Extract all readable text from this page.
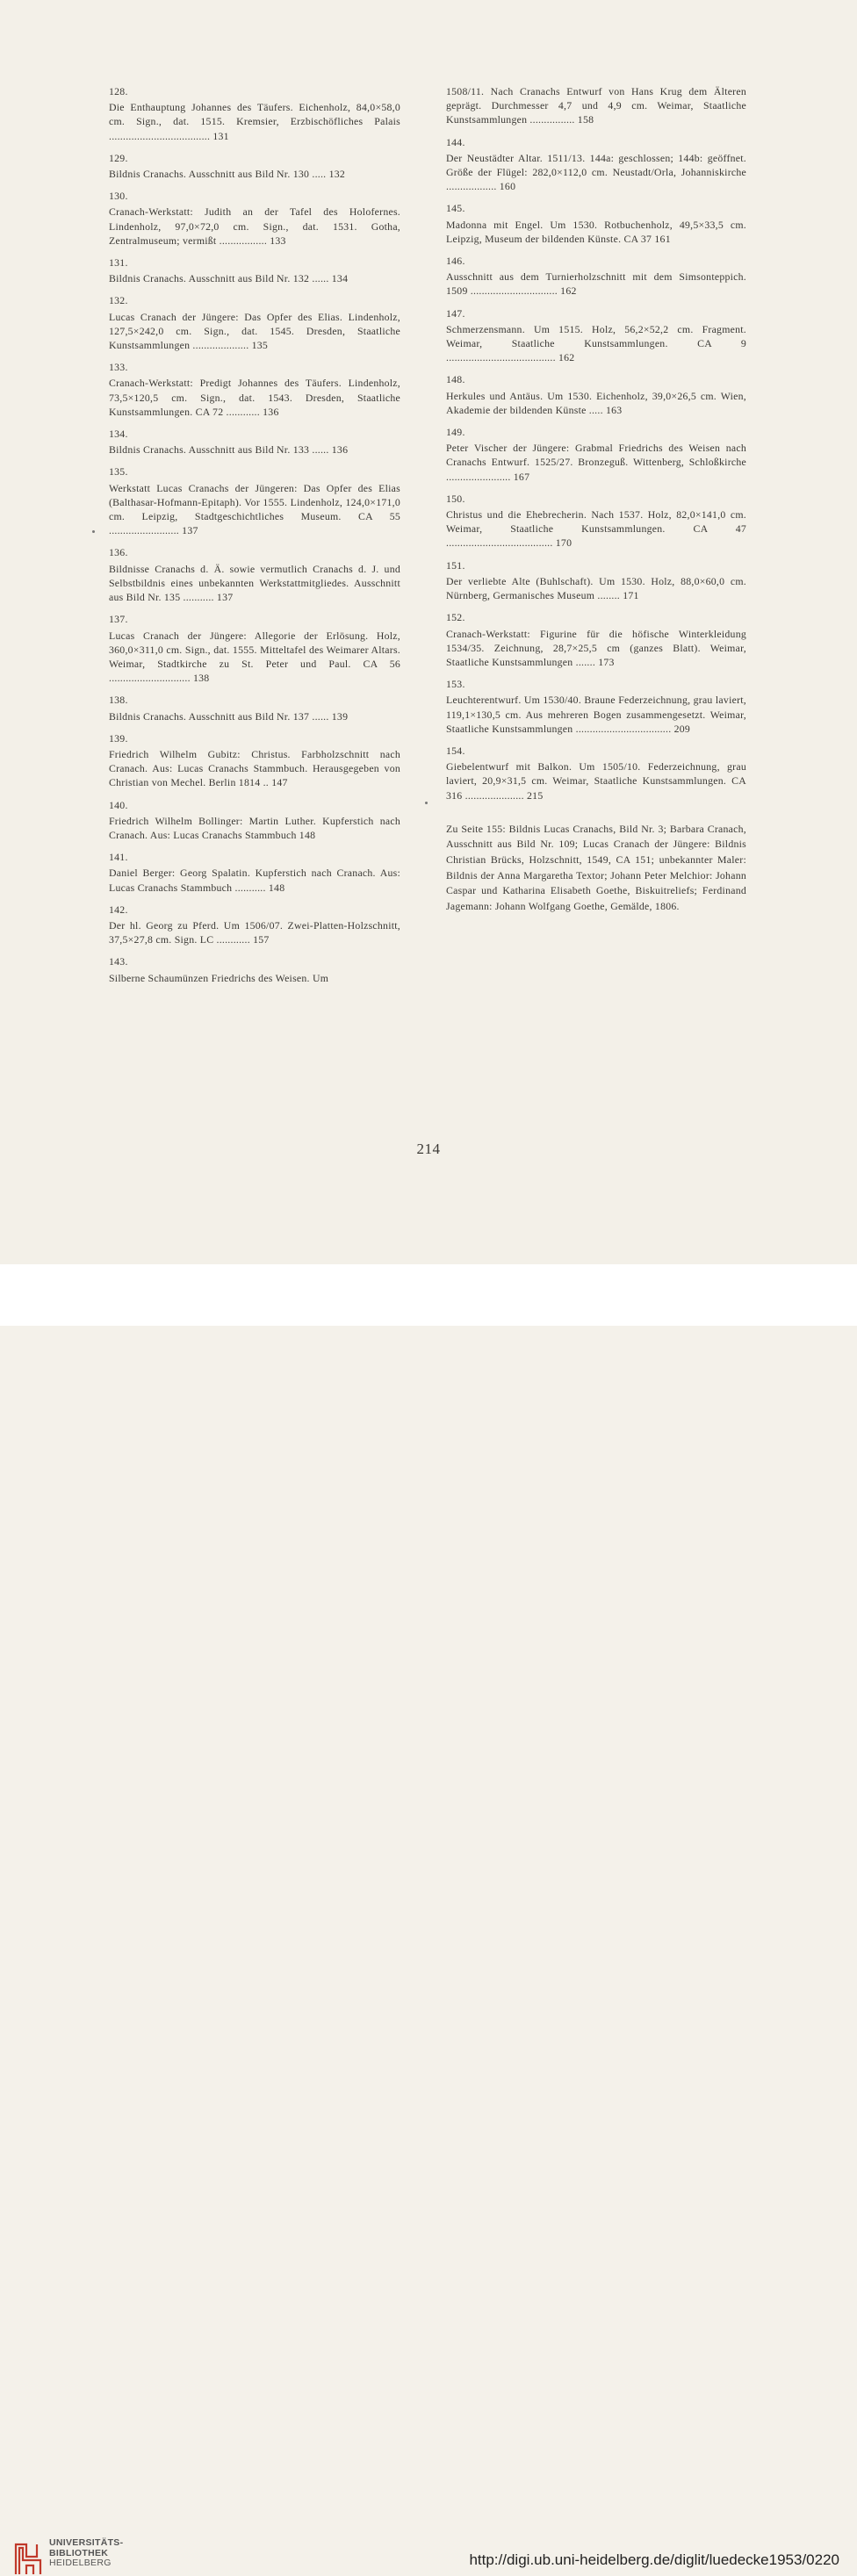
128.
Die Enthauptung Johannes des Täufers. Eichenholz, 84,0×58,0 cm. Sign., dat. 1515. Kremsier, Erzbischöfliches Palais .................................... 131
129.
Bildnis Cranachs. Ausschnitt aus Bild Nr. 130 ..... 132
130.
Cranach-Werkstatt: Judith an der Tafel des Holofernes. Lindenholz, 97,0×72,0 cm. Sign., dat. 1531. Gotha, Zentralmuseum; vermißt ................. 133
131.
Bildnis Cranachs. Ausschnitt aus Bild Nr. 132 ...... 134
132.
Lucas Cranach der Jüngere: Das Opfer des Elias. Lindenholz, 127,5×242,0 cm. Sign., dat. 1545. Dresden, Staatliche Kunstsammlungen .................... 135
133.
Cranach-Werkstatt: Predigt Johannes des Täufers. Lindenholz, 73,5×120,5 cm. Sign., dat. 1543. Dresden, Staatliche Kunstsammlungen. CA 72 ............ 136
134.
Bildnis Cranachs. Ausschnitt aus Bild Nr. 133 ...... 136
135.
Werkstatt Lucas Cranachs der Jüngeren: Das Opfer des Elias (Balthasar-Hofmann-Epitaph). Vor 1555. Lindenholz, 124,0×171,0 cm. Leipzig, Stadtgeschichtliches Museum. CA 55 ......................... 137
136.
Bildnisse Cranachs d. Ä. sowie vermutlich Cranachs d. J. und Selbstbildnis eines unbekannten Werkstattmitgliedes. Ausschnitt aus Bild Nr. 135 ........... 137
137.
Lucas Cranach der Jüngere: Allegorie der Erlösung. Holz, 360,0×311,0 cm. Sign., dat. 1555. Mitteltafel des Weimarer Altars. Weimar, Stadtkirche zu St. Peter und Paul. CA 56 ............................. 138
138.
Bildnis Cranachs. Ausschnitt aus Bild Nr. 137 ...... 139
139.
Friedrich Wilhelm Gubitz: Christus. Farbholzschnitt nach Cranach. Aus: Lucas Cranachs Stammbuch. Herausgegeben von Christian von Mechel. Berlin 1814 .. 147
140.
Friedrich Wilhelm Bollinger: Martin Luther. Kupferstich nach Cranach. Aus: Lucas Cranachs Stammbuch 148
141.
Daniel Berger: Georg Spalatin. Kupferstich nach Cranach. Aus: Lucas Cranachs Stammbuch ........... 148
142.
Der hl. Georg zu Pferd. Um 1506/07. Zwei-Platten-Holzschnitt, 37,5×27,8 cm. Sign. LC ............ 157
143.
Silberne Schaumünzen Friedrichs des Weisen. Um
1508/11. Nach Cranachs Entwurf von Hans Krug dem Älteren geprägt. Durchmesser 4,7 und 4,9 cm. Weimar, Staatliche Kunstsammlungen ................ 158
144.
Der Neustädter Altar. 1511/13. 144a: geschlossen; 144b: geöffnet. Größe der Flügel: 282,0×112,0 cm. Neustadt/Orla, Johanniskirche .................. 160
145.
Madonna mit Engel. Um 1530. Rotbuchenholz, 49,5×33,5 cm. Leipzig, Museum der bildenden Künste. CA 37 161
146.
Ausschnitt aus dem Turnierholzschnitt mit dem Simsonteppich. 1509 ............................... 162
147.
Schmerzensmann. Um 1515. Holz, 56,2×52,2 cm. Fragment. Weimar, Staatliche Kunstsammlungen. CA 9 ....................................... 162
148.
Herkules und Antäus. Um 1530. Eichenholz, 39,0×26,5 cm. Wien, Akademie der bildenden Künste ..... 163
149.
Peter Vischer der Jüngere: Grabmal Friedrichs des Weisen nach Cranachs Entwurf. 1525/27. Bronzeguß. Wittenberg, Schloßkirche ....................... 167
150.
Christus und die Ehebrecherin. Nach 1537. Holz, 82,0×141,0 cm. Weimar, Staatliche Kunstsammlungen. CA 47 ...................................... 170
151.
Der verliebte Alte (Buhlschaft). Um 1530. Holz, 88,0×60,0 cm. Nürnberg, Germanisches Museum ........ 171
152.
Cranach-Werkstatt: Figurine für die höfische Winterkleidung 1534/35. Zeichnung, 28,7×25,5 cm (ganzes Blatt). Weimar, Staatliche Kunstsammlungen ....... 173
153.
Leuchterentwurf. Um 1530/40. Braune Federzeichnung, grau laviert, 119,1×130,5 cm. Aus mehreren Bogen zusammengesetzt. Weimar, Staatliche Kunstsammlungen .................................. 209
154.
Giebelentwurf mit Balkon. Um 1505/10. Federzeichnung, grau laviert, 20,9×31,5 cm. Weimar, Staatliche Kunstsammlungen. CA 316 ..................... 215
Zu Seite 155: Bildnis Lucas Cranachs, Bild Nr. 3; Barbara Cranach, Ausschnitt aus Bild Nr. 109; Lucas Cranach der Jüngere: Bildnis Christian Brücks, Holzschnitt, 1549, CA 151; unbekannter Maler: Bildnis der Anna Margaretha Textor; Johann Peter Melchior: Johann Caspar und Katharina Elisabeth Goethe, Biskuitreliefs; Ferdinand Jagemann: Johann Wolfgang Goethe, Gemälde, 1806.
214
UNIVERSITÄTS-
BIBLIOTHEK
HEIDELBERG	http://digi.ub.uni-heidelberg.de/diglit/luedecke1953/0220
